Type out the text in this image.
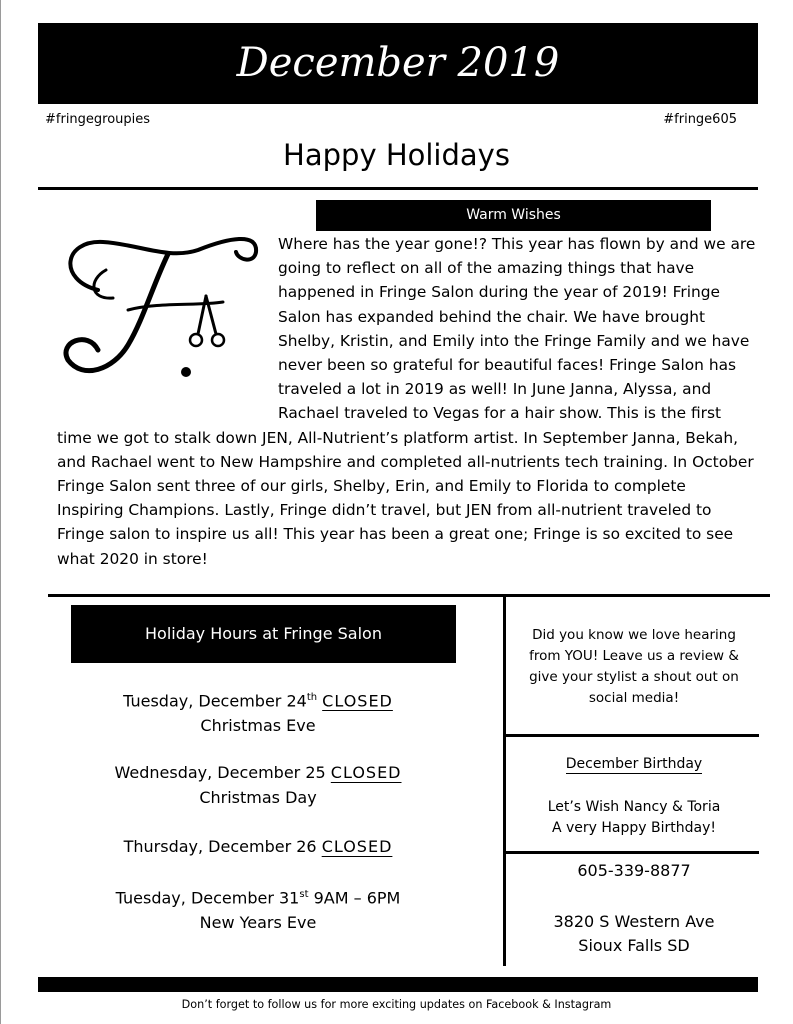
December 2019
#fringegroupies	#fringe605
Happy Holidays
Warm Wishes

Where has the year gone!? This year has flown by and we are going to reflect on all of the amazing things that have happened in Fringe Salon during the year of 2019! Fringe Salon has expanded behind the chair. We have brought Shelby, Kristin, and Emily into the Fringe Family and we have never been so grateful for beautiful faces! Fringe Salon has traveled a lot in 2019 as well! In June Janna, Alyssa, and Rachael traveled to Vegas for a hair show. This is the first time we got to stalk down JEN, All-Nutrient’s platform artist. In September Janna, Bekah, and Rachael went to New Hampshire and completed all-nutrients tech training. In October Fringe Salon sent three of our girls, Shelby, Erin, and Emily to Florida to complete Inspiring Champions. Lastly, Fringe didn’t travel, but JEN from all-nutrient traveled to Fringe salon to inspire us all! This year has been a great one; Fringe is so excited to see what 2020 in store!

Holiday Hours at Fringe Salon
Tuesday, December 24th CLOSED
Christmas Eve
Wednesday, December 25 CLOSED
Christmas Day
Thursday, December 26 CLOSED
Tuesday, December 31st 9AM – 6PM
New Years Eve
Did you know we love hearing from YOU! Leave us a review & give your stylist a shout out on social media!
December Birthday
Let’s Wish Nancy & Toria
A very Happy Birthday!
605-339-8877
3820 S Western Ave
Sioux Falls SD
Don’t forget to follow us for more exciting updates on Facebook & Instagram
